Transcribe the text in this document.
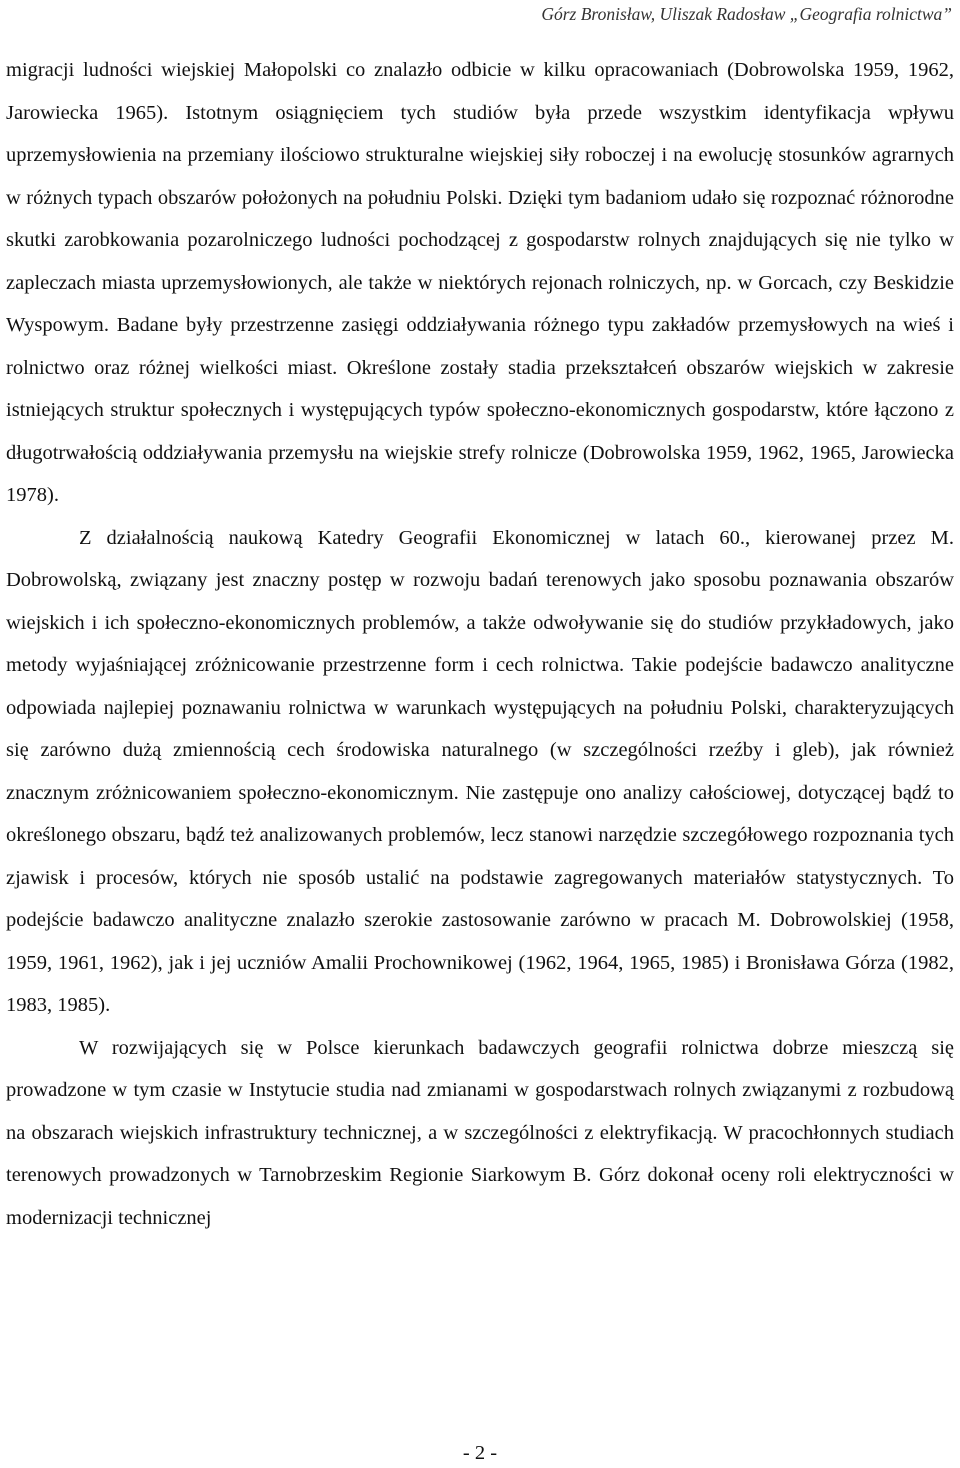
Górz Bronisław, Uliszak Radosław „Geografia rolnictwa”

migracji ludności wiejskiej Małopolski co znalazło odbicie w kilku opracowaniach (Dobrowolska 1959, 1962, Jarowiecka 1965). Istotnym osiągnięciem tych studiów była przede wszystkim identyfikacja wpływu uprzemysłowienia na przemiany ilościowo strukturalne wiejskiej siły roboczej i na ewolucję stosunków agrarnych w różnych typach obszarów położonych na południu Polski. Dzięki tym badaniom udało się rozpoznać różnorodne skutki zarobkowania pozarolniczego ludności pochodzącej z gospodarstw rolnych znajdujących się nie tylko w zapleczach miasta uprzemysłowionych, ale także w niektórych rejonach rolniczych, np. w Gorcach, czy Beskidzie Wyspowym. Badane były przestrzenne zasięgi oddziaływania różnego typu zakładów przemysłowych na wieś i rolnictwo oraz różnej wielkości miast. Określone zostały stadia przekształceń obszarów wiejskich w zakresie istniejących struktur społecznych i występujących typów społeczno-ekonomicznych gospodarstw, które łączono z długotrwałością oddziaływania przemysłu na wiejskie strefy rolnicze (Dobrowolska 1959, 1962, 1965, Jarowiecka 1978).

Z działalnością naukową Katedry Geografii Ekonomicznej w latach 60., kierowanej przez M. Dobrowolską, związany jest znaczny postęp w rozwoju badań terenowych jako sposobu poznawania obszarów wiejskich i ich społeczno-ekonomicznych problemów, a także odwoływanie się do studiów przykładowych, jako metody wyjaśniającej zróżnicowanie przestrzenne form i cech rolnictwa. Takie podejście badawczo analityczne odpowiada najlepiej poznawaniu rolnictwa w warunkach występujących na południu Polski, charakteryzujących się zarówno dużą zmiennością cech środowiska naturalnego (w szczególności rzeźby i gleb), jak również znacznym zróżnicowaniem społeczno-ekonomicznym. Nie zastępuje ono analizy całościowej, dotyczącej bądź to określonego obszaru, bądź też analizowanych problemów, lecz stanowi narzędzie szczegółowego rozpoznania tych zjawisk i procesów, których nie sposób ustalić na podstawie zagregowanych materiałów statystycznych. To podejście badawczo analityczne znalazło szerokie zastosowanie zarówno w pracach M. Dobrowolskiej (1958, 1959, 1961, 1962), jak i jej uczniów Amalii Prochownikowej (1962, 1964, 1965, 1985) i Bronisława Górza (1982, 1983, 1985).

W rozwijających się w Polsce kierunkach badawczych geografii rolnictwa dobrze mieszczą się prowadzone w tym czasie w Instytucie studia nad zmianami w gospodarstwach rolnych związanymi z rozbudową na obszarach wiejskich infrastruktury technicznej, a w szczególności z elektryfikacją. W pracochłonnych studiach terenowych prowadzonych w Tarnobrzeskim Regionie Siarkowym B. Górz dokonał oceny roli elektryczności w modernizacji technicznej

- 2 -
